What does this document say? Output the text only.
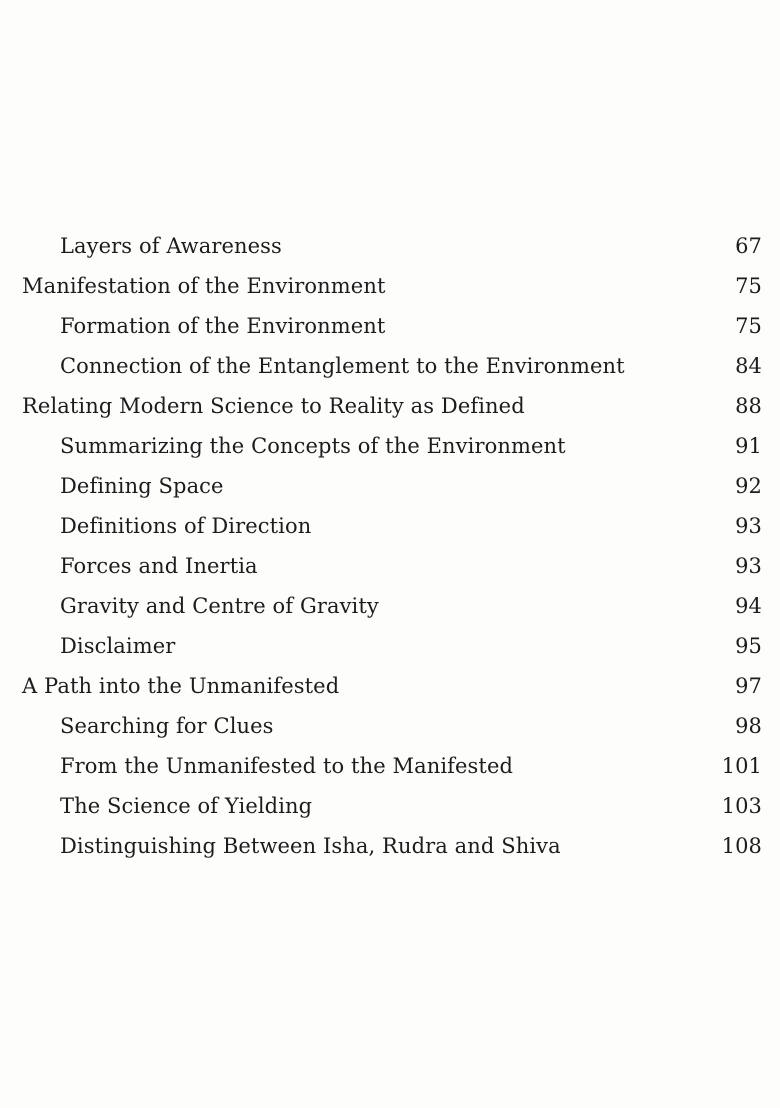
Layers of Awareness	67
Manifestation of the Environment	75
Formation of the Environment	75
Connection of the Entanglement to the Environment	84
Relating Modern Science to Reality as Defined	88
Summarizing the Concepts of the Environment	91
Defining Space	92
Definitions of Direction	93
Forces and Inertia	93
Gravity and Centre of Gravity	94
Disclaimer	95
A Path into the Unmanifested	97
Searching for Clues	98
From the Unmanifested to the Manifested	101
The Science of Yielding	103
Distinguishing Between Isha, Rudra and Shiva	108
